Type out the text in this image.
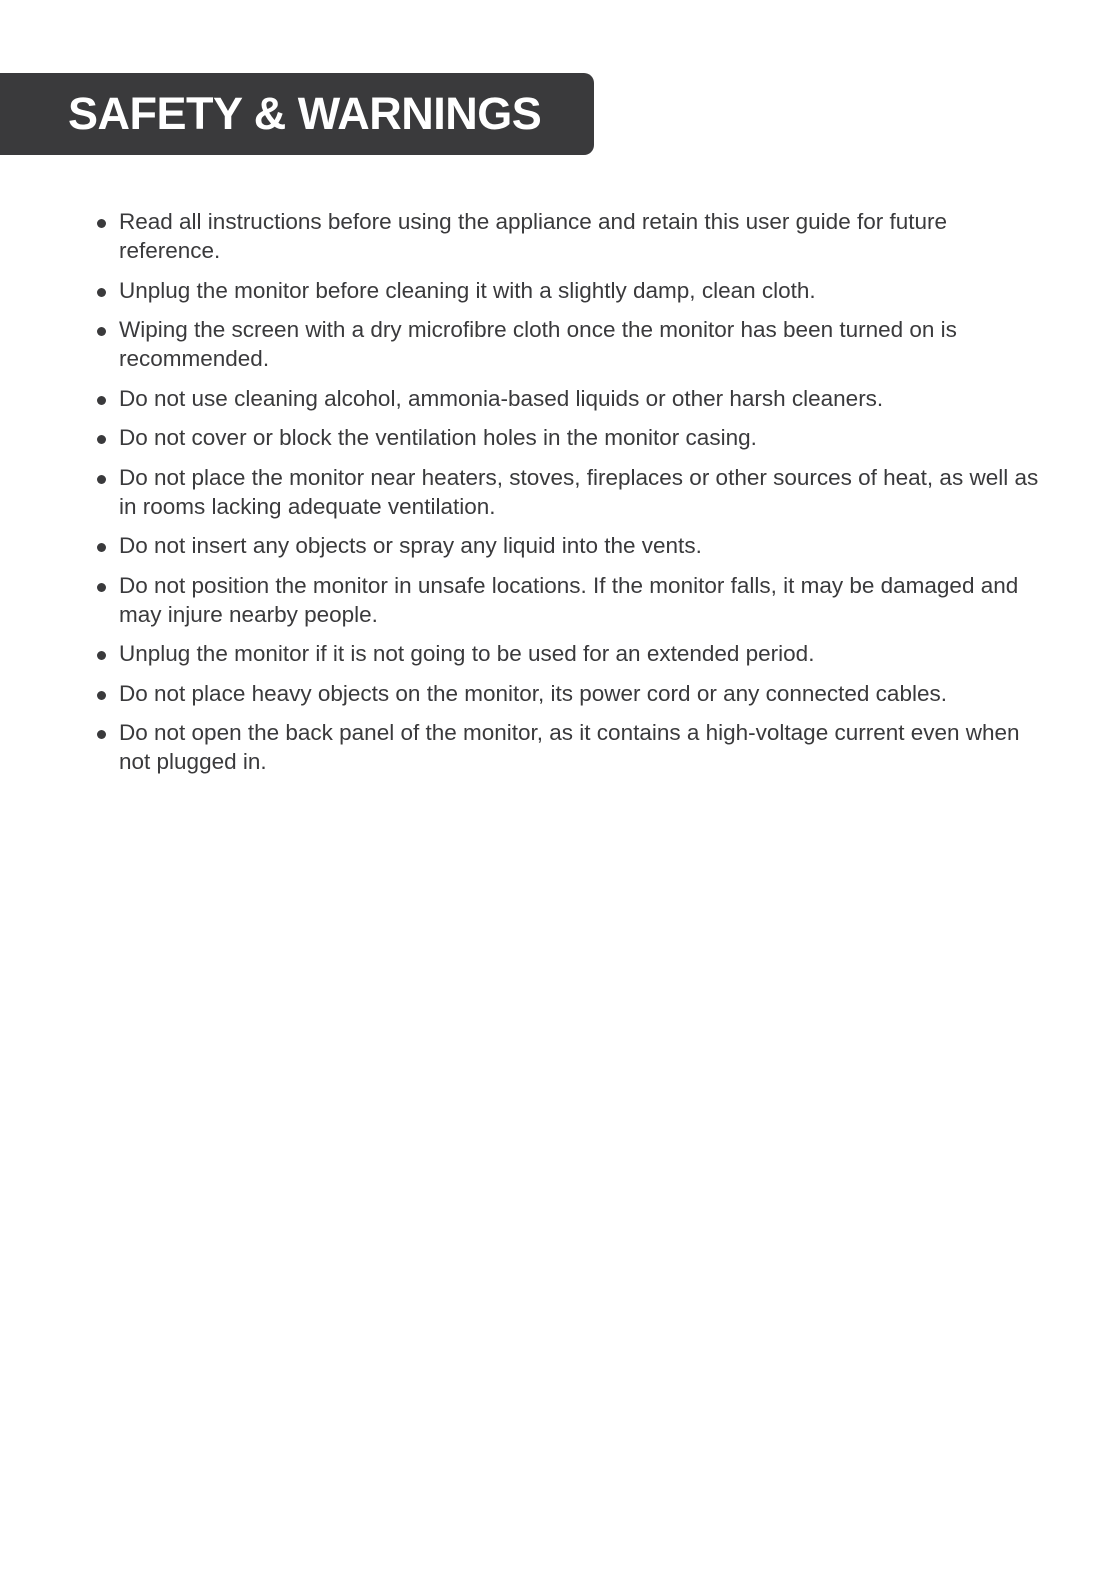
SAFETY & WARNINGS
Read all instructions before using the appliance and retain this user guide for future reference.
Unplug the monitor before cleaning it with a slightly damp, clean cloth.
Wiping the screen with a dry microfibre cloth once the monitor has been turned on is recommended.
Do not use cleaning alcohol, ammonia-based liquids or other harsh cleaners.
Do not cover or block the ventilation holes in the monitor casing.
Do not place the monitor near heaters, stoves, fireplaces or other sources of heat, as well as in rooms lacking adequate ventilation.
Do not insert any objects or spray any liquid into the vents.
Do not position the monitor in unsafe locations. If the monitor falls, it may be damaged and may injure nearby people.
Unplug the monitor if it is not going to be used for an extended period.
Do not place heavy objects on the monitor, its power cord or any connected cables.
Do not open the back panel of the monitor, as it contains a high-voltage current even when not plugged in.
